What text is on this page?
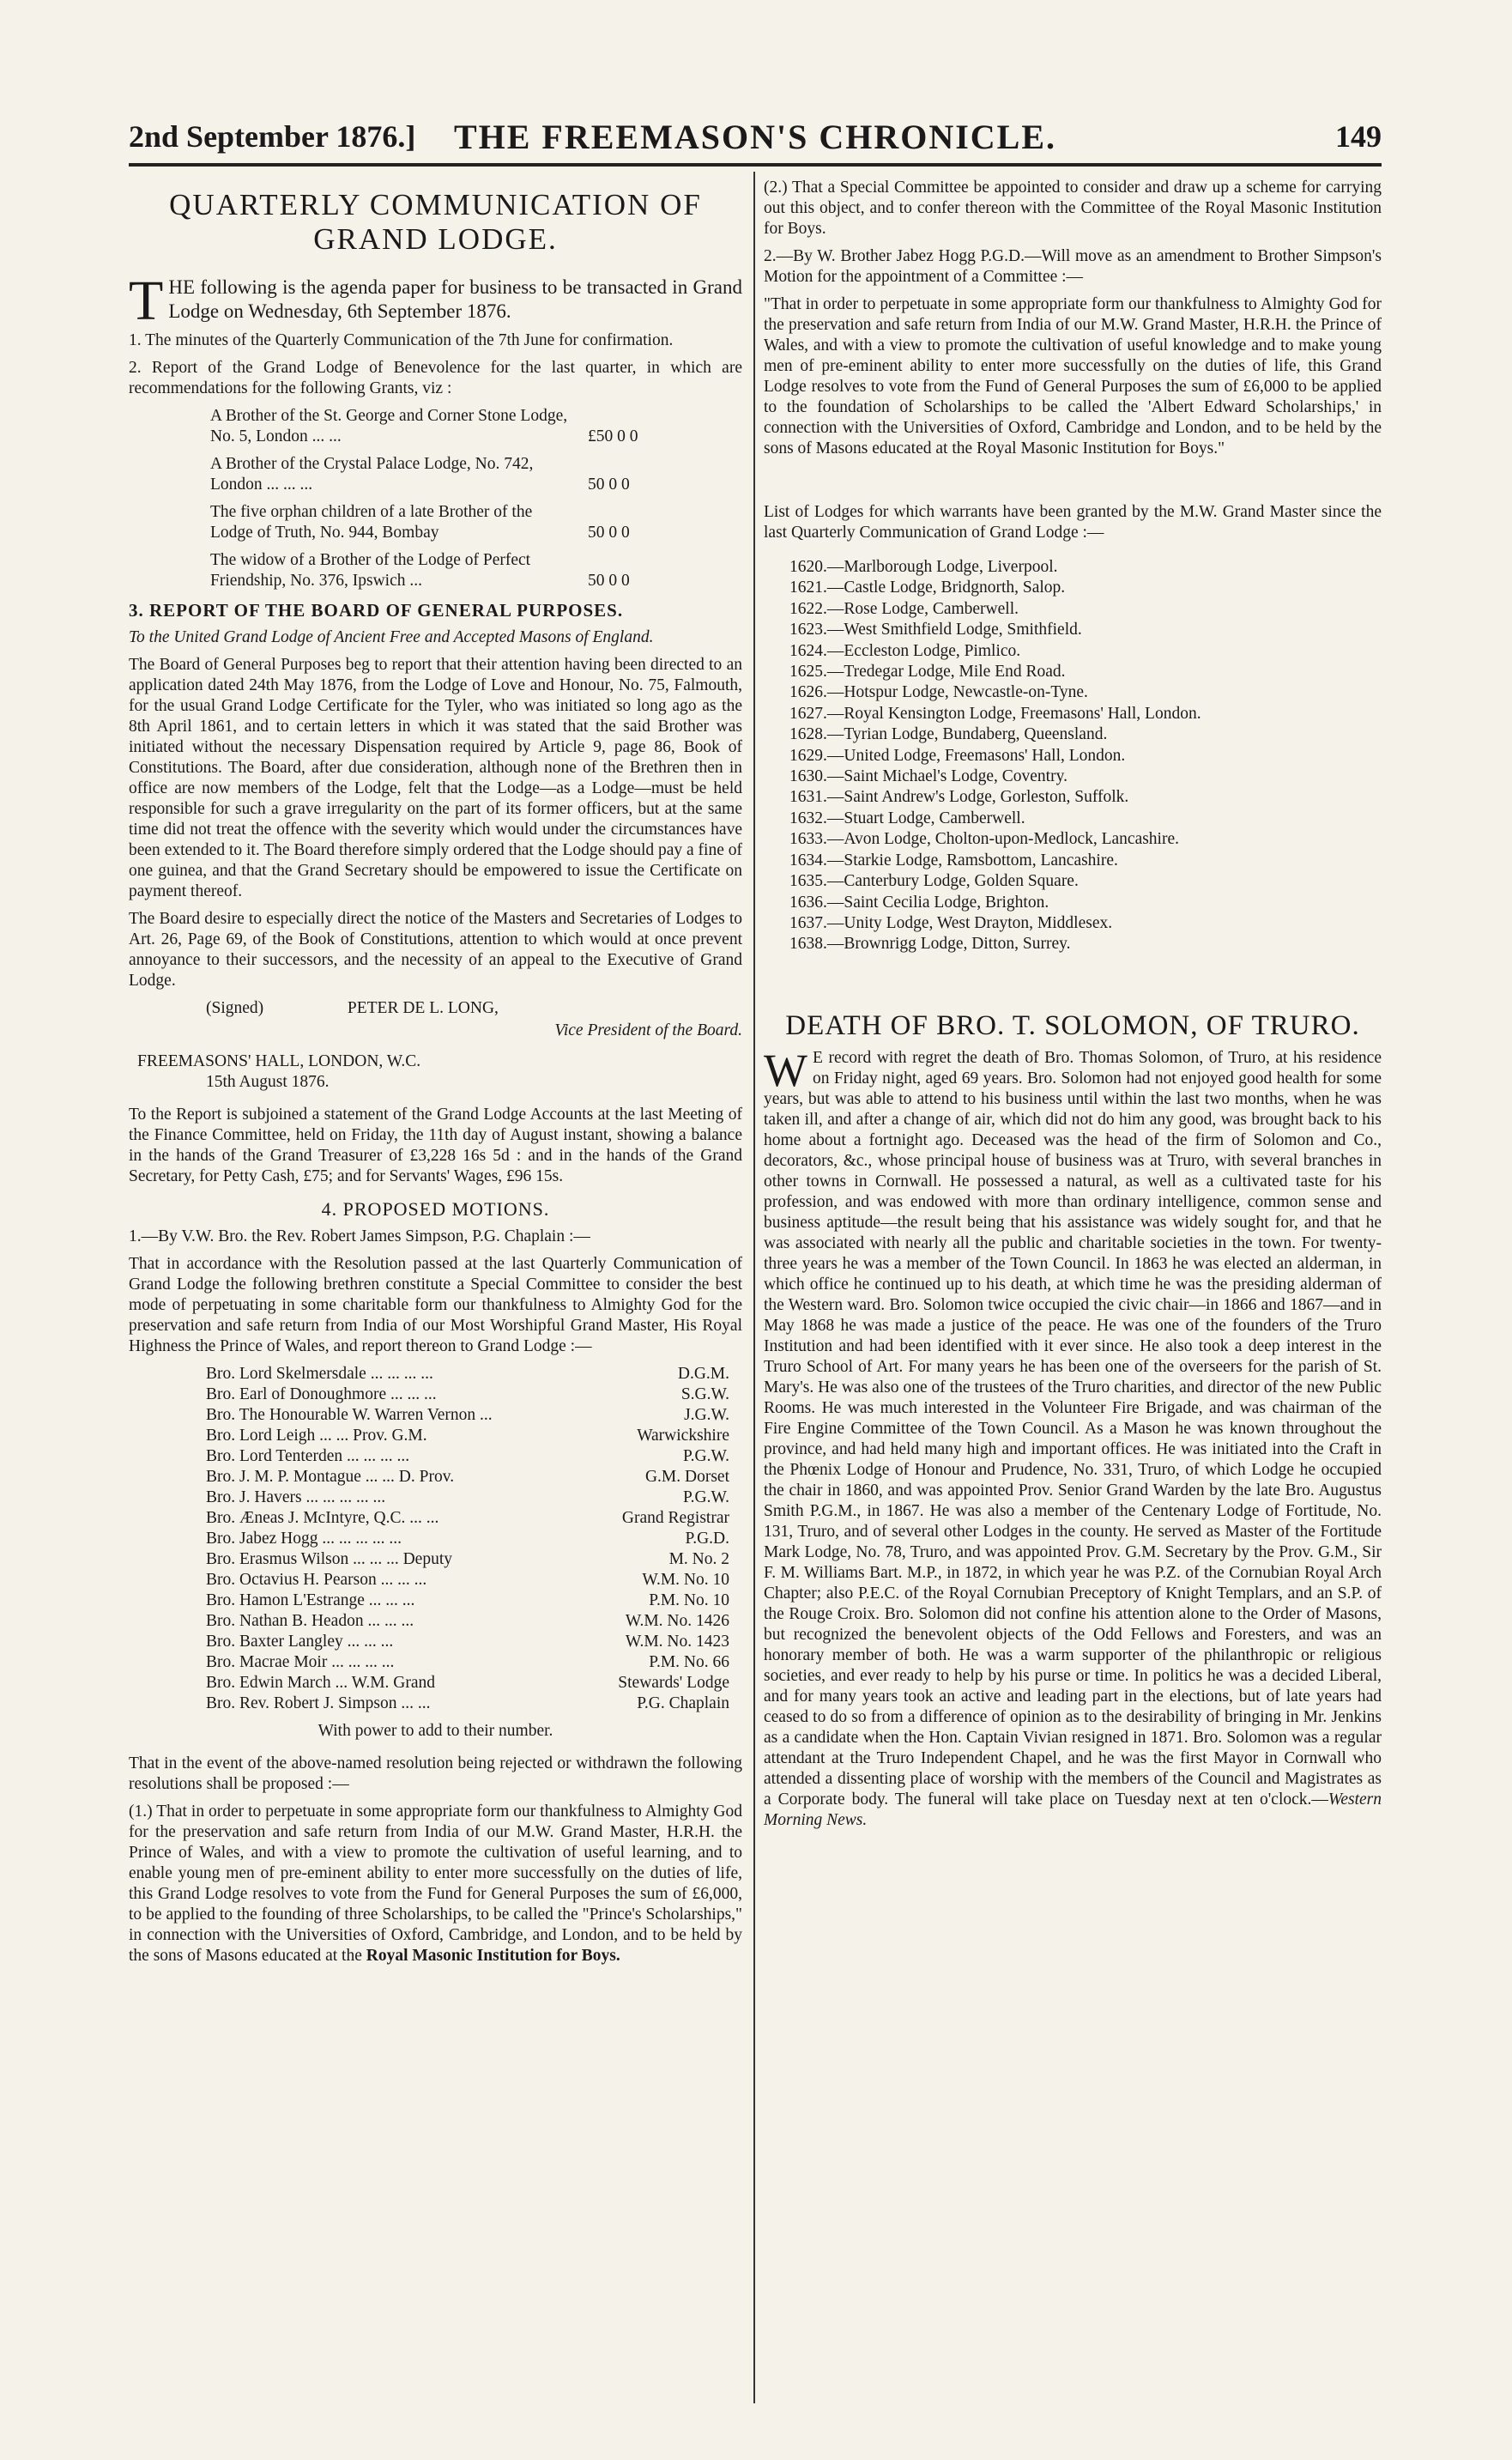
2nd September 1876.]	THE FREEMASON'S CHRONICLE.	149
QUARTERLY COMMUNICATION OF
GRAND LODGE.

THE following is the agenda paper for business to be transacted in Grand Lodge on Wednesday, 6th September 1876.

1. The minutes of the Quarterly Communication of the 7th June for confirmation.

2. Report of the Grand Lodge of Benevolence for the last quarter, in which are recommendations for the following Grants, viz :

A Brother of the St. George and Corner Stone Lodge, No. 5, London ... ...	£50 0 0
A Brother of the Crystal Palace Lodge, No. 742, London ... ... ...	50 0 0
The five orphan children of a late Brother of the Lodge of Truth, No. 944, Bombay	50 0 0
The widow of a Brother of the Lodge of Perfect Friendship, No. 376, Ipswich ...	50 0 0
3. REPORT OF THE BOARD OF GENERAL PURPOSES.

To the United Grand Lodge of Ancient Free and Accepted Masons of England.

The Board of General Purposes beg to report that their attention having been directed to an application dated 24th May 1876, from the Lodge of Love and Honour, No. 75, Falmouth, for the usual Grand Lodge Certificate for the Tyler, who was initiated so long ago as the 8th April 1861, and to certain letters in which it was stated that the said Brother was initiated without the necessary Dispensation required by Article 9, page 86, Book of Constitutions. The Board, after due consideration, although none of the Brethren then in office are now members of the Lodge, felt that the Lodge—as a Lodge—must be held responsible for such a grave irregularity on the part of its former officers, but at the same time did not treat the offence with the severity which would under the circumstances have been extended to it. The Board therefore simply ordered that the Lodge should pay a fine of one guinea, and that the Grand Secretary should be empowered to issue the Certificate on payment thereof.

The Board desire to especially direct the notice of the Masters and Secretaries of Lodges to Art. 26, Page 69, of the Book of Constitutions, attention to which would at once prevent annoyance to their successors, and the necessity of an appeal to the Executive of Grand Lodge.

(Signed)	PETER DE L. LONG,
Vice President of the Board.
FREEMASONS' HALL, LONDON, W.C.
15th August 1876.

To the Report is subjoined a statement of the Grand Lodge Accounts at the last Meeting of the Finance Committee, held on Friday, the 11th day of August instant, showing a balance in the hands of the Grand Treasurer of £3,228 16s 5d : and in the hands of the Grand Secretary, for Petty Cash, £75; and for Servants' Wages, £96 15s.

4. PROPOSED MOTIONS.

1.—By V.W. Bro. the Rev. Robert James Simpson, P.G. Chaplain :—

That in accordance with the Resolution passed at the last Quarterly Communication of Grand Lodge the following brethren constitute a Special Committee to consider the best mode of perpetuating in some charitable form our thankfulness to Almighty God for the preservation and safe return from India of our Most Worshipful Grand Master, His Royal Highness the Prince of Wales, and report thereon to Grand Lodge :—

Bro. Lord Skelmersdale ... ... ... ...	D.G.M.
Bro. Earl of Donoughmore ... ... ...	S.G.W.
Bro. The Honourable W. Warren Vernon ...	J.G.W.
Bro. Lord Leigh ... ... Prov. G.M.	Warwickshire
Bro. Lord Tenterden ... ... ... ...	P.G.W.
Bro. J. M. P. Montague ... ... D. Prov.	G.M. Dorset
Bro. J. Havers ... ... ... ... ...	P.G.W.
Bro. Æneas J. McIntyre, Q.C. ... ...	Grand Registrar
Bro. Jabez Hogg ... ... ... ... ...	P.G.D.
Bro. Erasmus Wilson ... ... ... Deputy	M. No. 2
Bro. Octavius H. Pearson ... ... ...	W.M. No. 10
Bro. Hamon L'Estrange ... ... ...	P.M. No. 10
Bro. Nathan B. Headon ... ... ...	W.M. No. 1426
Bro. Baxter Langley ... ... ...	W.M. No. 1423
Bro. Macrae Moir ... ... ... ...	P.M. No. 66
Bro. Edwin March ... W.M. Grand	Stewards' Lodge
Bro. Rev. Robert J. Simpson ... ...	P.G. Chaplain
With power to add to their number.

That in the event of the above-named resolution being rejected or withdrawn the following resolutions shall be proposed :—

(1.) That in order to perpetuate in some appropriate form our thankfulness to Almighty God for the preservation and safe return from India of our M.W. Grand Master, H.R.H. the Prince of Wales, and with a view to promote the cultivation of useful learning, and to enable young men of pre-eminent ability to enter more successfully on the duties of life, this Grand Lodge resolves to vote from the Fund for General Purposes the sum of £6,000, to be applied to the founding of three Scholarships, to be called the "Prince's Scholarships," in connection with the Universities of Oxford, Cambridge, and London, and to be held by the sons of Masons educated at the Royal Masonic Institution for Boys.

(2.) That a Special Committee be appointed to consider and draw up a scheme for carrying out this object, and to confer thereon with the Committee of the Royal Masonic Institution for Boys.

2.—By W. Brother Jabez Hogg P.G.D.—Will move as an amendment to Brother Simpson's Motion for the appointment of a Committee :—

"That in order to perpetuate in some appropriate form our thankfulness to Almighty God for the preservation and safe return from India of our M.W. Grand Master, H.R.H. the Prince of Wales, and with a view to promote the cultivation of useful knowledge and to make young men of pre-eminent ability to enter more successfully on the duties of life, this Grand Lodge resolves to vote from the Fund of General Purposes the sum of £6,000 to be applied to the foundation of Scholarships to be called the 'Albert Edward Scholarships,' in connection with the Universities of Oxford, Cambridge and London, and to be held by the sons of Masons educated at the Royal Masonic Institution for Boys."

List of Lodges for which warrants have been granted by the M.W. Grand Master since the last Quarterly Communication of Grand Lodge :—

1620.—Marlborough Lodge, Liverpool.
1621.—Castle Lodge, Bridgnorth, Salop.
1622.—Rose Lodge, Camberwell.
1623.—West Smithfield Lodge, Smithfield.
1624.—Eccleston Lodge, Pimlico.
1625.—Tredegar Lodge, Mile End Road.
1626.—Hotspur Lodge, Newcastle-on-Tyne.
1627.—Royal Kensington Lodge, Freemasons' Hall, London.
1628.—Tyrian Lodge, Bundaberg, Queensland.
1629.—United Lodge, Freemasons' Hall, London.
1630.—Saint Michael's Lodge, Coventry.
1631.—Saint Andrew's Lodge, Gorleston, Suffolk.
1632.—Stuart Lodge, Camberwell.
1633.—Avon Lodge, Cholton-upon-Medlock, Lancashire.
1634.—Starkie Lodge, Ramsbottom, Lancashire.
1635.—Canterbury Lodge, Golden Square.
1636.—Saint Cecilia Lodge, Brighton.
1637.—Unity Lodge, West Drayton, Middlesex.
1638.—Brownrigg Lodge, Ditton, Surrey.
DEATH OF BRO. T. SOLOMON, OF TRURO.

W E record with regret the death of Bro. Thomas Solomon, of Truro, at his residence on Friday night, aged 69 years. Bro. Solomon had not enjoyed good health for some years, but was able to attend to his business until within the last two months, when he was taken ill, and after a change of air, which did not do him any good, was brought back to his home about a fortnight ago. Deceased was the head of the firm of Solomon and Co., decorators, &c., whose principal house of business was at Truro, with several branches in other towns in Cornwall. He possessed a natural, as well as a cultivated taste for his profession, and was endowed with more than ordinary intelligence, common sense and business aptitude—the result being that his assistance was widely sought for, and that he was associated with nearly all the public and charitable societies in the town. For twenty-three years he was a member of the Town Council. In 1863 he was elected an alderman, in which office he continued up to his death, at which time he was the presiding alderman of the Western ward. Bro. Solomon twice occupied the civic chair—in 1866 and 1867—and in May 1868 he was made a justice of the peace. He was one of the founders of the Truro Institution and had been identified with it ever since. He also took a deep interest in the Truro School of Art. For many years he has been one of the overseers for the parish of St. Mary's. He was also one of the trustees of the Truro charities, and director of the new Public Rooms. He was much interested in the Volunteer Fire Brigade, and was chairman of the Fire Engine Committee of the Town Council. As a Mason he was known throughout the province, and had held many high and important offices. He was initiated into the Craft in the Phœnix Lodge of Honour and Prudence, No. 331, Truro, of which Lodge he occupied the chair in 1860, and was appointed Prov. Senior Grand Warden by the late Bro. Augustus Smith P.G.M., in 1867. He was also a member of the Centenary Lodge of Fortitude, No. 131, Truro, and of several other Lodges in the county. He served as Master of the Fortitude Mark Lodge, No. 78, Truro, and was appointed Prov. G.M. Secretary by the Prov. G.M., Sir F. M. Williams Bart. M.P., in 1872, in which year he was P.Z. of the Cornubian Royal Arch Chapter; also P.E.C. of the Royal Cornubian Preceptory of Knight Templars, and an S.P. of the Rouge Croix. Bro. Solomon did not confine his attention alone to the Order of Masons, but recognized the benevolent objects of the Odd Fellows and Foresters, and was an honorary member of both. He was a warm supporter of the philanthropic or religious societies, and ever ready to help by his purse or time. In politics he was a decided Liberal, and for many years took an active and leading part in the elections, but of late years had ceased to do so from a difference of opinion as to the desirability of bringing in Mr. Jenkins as a candidate when the Hon. Captain Vivian resigned in 1871. Bro. Solomon was a regular attendant at the Truro Independent Chapel, and he was the first Mayor in Cornwall who attended a dissenting place of worship with the members of the Council and Magistrates as a Corporate body. The funeral will take place on Tuesday next at ten o'clock.—Western Morning News.
